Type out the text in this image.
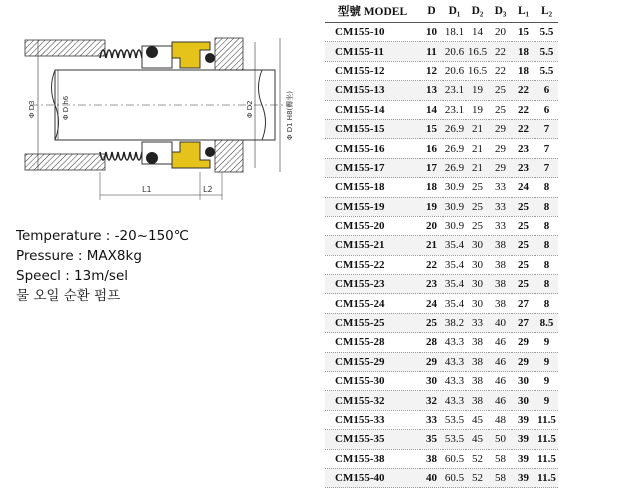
Φ D3	Φ D h6	Φ D2	Φ D1 H8(轉坐)
L1	L2
Temperature : -20~150℃
Pressure : MAX8kg
Speecl : 13m/sel
물 오일 순환 펌프
型號 MODEL	D	D₁	D₂	D₃	L₁	L₂
CM155-10	10	18.1	14	20	15	5.5
CM155-11	11	20.6	16.5	22	18	5.5
CM155-12	12	20.6	16.5	22	18	5.5
CM155-13	13	23.1	19	25	22	6
CM155-14	14	23.1	19	25	22	6
CM155-15	15	26.9	21	29	22	7
CM155-16	16	26.9	21	29	23	7
CM155-17	17	26.9	21	29	23	7
CM155-18	18	30.9	25	33	24	8
CM155-19	19	30.9	25	33	25	8
CM155-20	20	30.9	25	33	25	8
CM155-21	21	35.4	30	38	25	8
CM155-22	22	35.4	30	38	25	8
CM155-23	23	35.4	30	38	25	8
CM155-24	24	35.4	30	38	27	8
CM155-25	25	38.2	33	40	27	8.5
CM155-28	28	43.3	38	46	29	9
CM155-29	29	43.3	38	46	29	9
CM155-30	30	43.3	38	46	30	9
CM155-32	32	43.3	38	46	30	9
CM155-33	33	53.5	45	48	39	11.5
CM155-35	35	53.5	45	50	39	11.5
CM155-38	38	60.5	52	58	39	11.5
CM155-40	40	60.5	52	58	39	11.5
